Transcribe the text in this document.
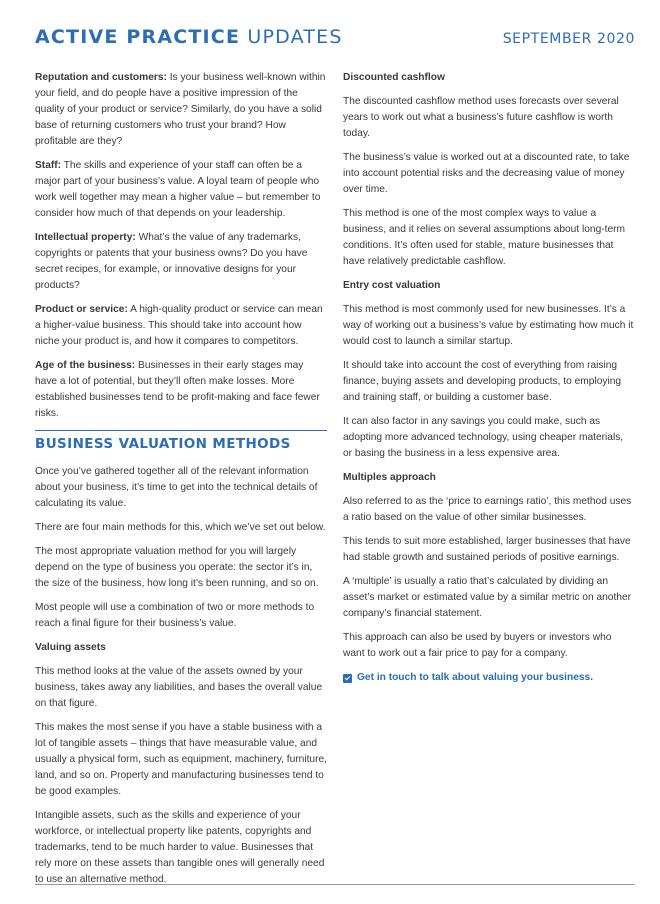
ACTIVE PRACTICE UPDATES	SEPTEMBER 2020

Reputation and customers: Is your business well-known within your field, and do people have a positive impression of the quality of your product or service? Similarly, do you have a solid base of returning customers who trust your brand? How profitable are they?

Staff: The skills and experience of your staff can often be a major part of your business’s value. A loyal team of people who work well together may mean a higher value – but remember to consider how much of that depends on your leadership.

Intellectual property: What’s the value of any trademarks, copyrights or patents that your business owns? Do you have secret recipes, for example, or innovative designs for your products?

Product or service: A high-quality product or service can mean a higher-value business. This should take into account how niche your product is, and how it compares to competitors.

Age of the business: Businesses in their early stages may have a lot of potential, but they’ll often make losses. More established businesses tend to be profit-making and face fewer risks.

BUSINESS VALUATION METHODS

Once you’ve gathered together all of the relevant information about your business, it’s time to get into the technical details of calculating its value.

There are four main methods for this, which we’ve set out below.

The most appropriate valuation method for you will largely depend on the type of business you operate: the sector it’s in, the size of the business, how long it’s been running, and so on.

Most people will use a combination of two or more methods to reach a final figure for their business’s value.

Valuing assets

This method looks at the value of the assets owned by your business, takes away any liabilities, and bases the overall value on that figure.

This makes the most sense if you have a stable business with a lot of tangible assets – things that have measurable value, and usually a physical form, such as equipment, machinery, furniture, land, and so on. Property and manufacturing businesses tend to be good examples.

Intangible assets, such as the skills and experience of your workforce, or intellectual property like patents, copyrights and trademarks, tend to be much harder to value. Businesses that rely more on these assets than tangible ones will generally need to use an alternative method.

Discounted cashflow

The discounted cashflow method uses forecasts over several years to work out what a business’s future cashflow is worth today.

The business’s value is worked out at a discounted rate, to take into account potential risks and the decreasing value of money over time.

This method is one of the most complex ways to value a business, and it relies on several assumptions about long-term conditions. It’s often used for stable, mature businesses that have relatively predictable cashflow.

Entry cost valuation

This method is most commonly used for new businesses. It’s a way of working out a business’s value by estimating how much it would cost to launch a similar startup.

It should take into account the cost of everything from raising finance, buying assets and developing products, to employing and training staff, or building a customer base.

It can also factor in any savings you could make, such as adopting more advanced technology, using cheaper materials, or basing the business in a less expensive area.

Multiples approach

Also referred to as the ‘price to earnings ratio’, this method uses a ratio based on the value of other similar businesses.

This tends to suit more established, larger businesses that have had stable growth and sustained periods of positive earnings.

A ‘multiple’ is usually a ratio that’s calculated by dividing an asset’s market or estimated value by a similar metric on another company’s financial statement.

This approach can also be used by buyers or investors who want to work out a fair price to pay for a company.

Get in touch to talk about valuing your business.
